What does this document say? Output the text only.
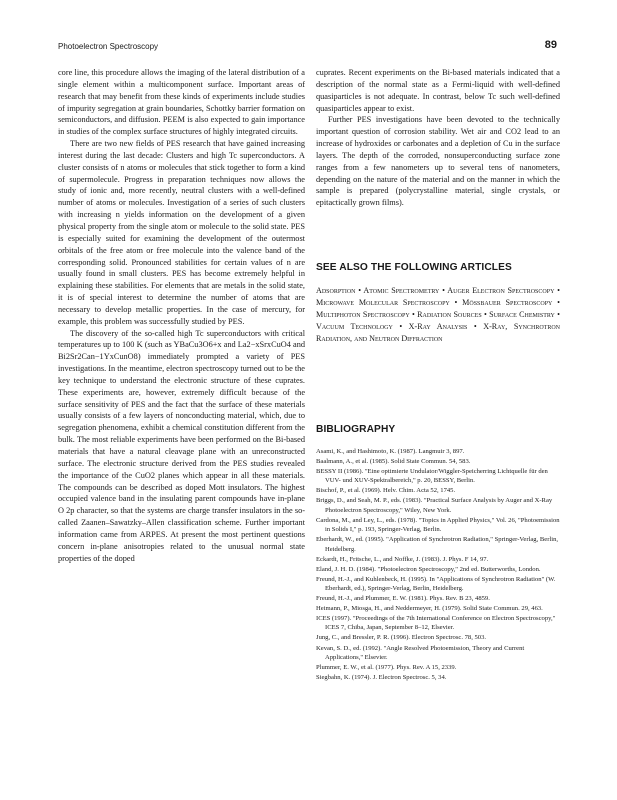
Photoelectron Spectroscopy	89

core line, this procedure allows the imaging of the lateral distribution of a single element within a multicomponent surface. Important areas of research that may benefit from these kinds of experiments include studies of impurity segregation at grain boundaries, Schottky barrier formation on semiconductors, and diffusion. PEEM is also expected to gain importance in studies of the complex surface structures of highly integrated circuits.

There are two new fields of PES research that have gained increasing interest during the last decade: Clusters and high Tc superconductors. A cluster consists of n atoms or molecules that stick together to form a kind of supermolecule. Progress in preparation techniques now allows the study of ionic and, more recently, neutral clusters with a well-defined number of atoms or molecules. Investigation of a series of such clusters with increasing n yields information on the development of a given physical property from the single atom or molecule to the solid state. PES is especially suited for examining the development of the outermost orbitals of the free atom or free molecule into the valence band of the corresponding solid. Pronounced stabilities for certain values of n are usually found in small clusters. PES has become extremely helpful in explaining these stabilities. For elements that are metals in the solid state, it is of special interest to determine the number of atoms that are necessary to develop metallic properties. In the case of mercury, for example, this problem was successfully studied by PES.

The discovery of the so-called high Tc superconductors with critical temperatures up to 100 K (such as YBaCu3O6+x and La2−xSrxCuO4 and Bi2Sr2Can−1YxCunO8) immediately prompted a variety of PES investigations. In the meantime, electron spectroscopy turned out to be the key technique to understand the electronic structure of these cuprates. These experiments are, however, extremely difficult because of the surface sensitivity of PES and the fact that the surface of these materials usually consists of a few layers of nonconducting material, which, due to segregation phenomena, exhibit a chemical constitution different from the bulk. The most reliable experiments have been performed on the Bi-based materials that have a natural cleavage plane with an unreconstructed surface. The electronic structure derived from the PES studies revealed the importance of the CuO2 planes which appear in all these materials. The compounds can be described as doped Mott insulators. The highest occupied valence band in the insulating parent compounds have in-plane O 2p character, so that the systems are charge transfer insulators in the so-called Zaanen–Sawatzky–Allen classification scheme. Further important information came from ARPES. At present the most pertinent questions concern in-plane anisotropies related to the unusual normal state properties of the doped

cuprates. Recent experiments on the Bi-based materials indicated that a description of the normal state as a Fermi-liquid with well-defined quasiparticles is not adequate. In contrast, below Tc such well-defined quasiparticles appear to exist.

Further PES investigations have been devoted to the technically important question of corrosion stability. Wet air and CO2 lead to an increase of hydroxides or carbonates and a depletion of Cu in the surface layers. The depth of the corroded, nonsuperconducting surface zone ranges from a few nanometers up to several tens of nanometers, depending on the nature of the material and on the manner in which the sample is prepared (polycrystalline material, single crystals, or epitactically grown films).

SEE ALSO THE FOLLOWING ARTICLES

Adsorption • Atomic Spectrometry • Auger Electron Spectroscopy • Microwave Molecular Spectroscopy • Mössbauer Spectroscopy • Multiphoton Spectroscopy • Radiation Sources • Surface Chemistry • Vacuum Technology • X-Ray Analysis • X-Ray, Synchrotron Radiation, and Neutron Diffraction

BIBLIOGRAPHY

Asami, K., and Hashimoto, K. (1987). Langmuir 3, 897.

Baalmann, A., et al. (1985). Solid State Commun. 54, 583.

BESSY II (1986). "Eine optimierte Undulator/Wiggler-Speicherring Lichtquelle für den VUV- und XUV-Spektralbereich," p. 20, BESSY, Berlin.

Bischof, P., et al. (1969). Helv. Chim. Acta 52, 1745.

Briggs, D., and Seah, M. P., eds. (1983). "Practical Surface Analysis by Auger and X-Ray Photoelectron Spectroscopy," Wiley, New York.

Cardona, M., and Ley, L., eds. (1978). "Topics in Applied Physics," Vol. 26, "Photoemission in Solids I," p. 193, Springer-Verlag, Berlin.

Eberhardt, W., ed. (1995). "Application of Synchrotron Radiation," Springer-Verlag, Berlin, Heidelberg.

Eckardt, H., Fritsche, L., and Noffke, J. (1983). J. Phys. F 14, 97.

Eland, J. H. D. (1984). "Photoelectron Spectroscopy," 2nd ed. Butterworths, London.

Freund, H.-J., and Kuhlenbeck, H. (1995). In "Applications of Synchrotron Radiation" (W. Eberhardt, ed.), Springer-Verlag, Berlin, Heidelberg.

Freund, H.-J., and Plummer, E. W. (1981). Phys. Rev. B 23, 4859.

Heimann, P., Miosga, H., and Neddermeyer, H. (1979). Solid State Commun. 29, 463.

ICES (1997). "Proceedings of the 7th International Conference on Electron Spectroscopy," ICES 7, Chiba, Japan, September 8–12, Elsevier.

Jung, C., and Bressler, P. R. (1996). Electron Spectrosc. 78, 503.

Kevan, S. D., ed. (1992). "Angle Resolved Photoemission, Theory and Current Applications," Elsevier.

Plummer, E. W., et al. (1977). Phys. Rev. A 15, 2339.

Siegbahn, K. (1974). J. Electron Spectrosc. 5, 34.
